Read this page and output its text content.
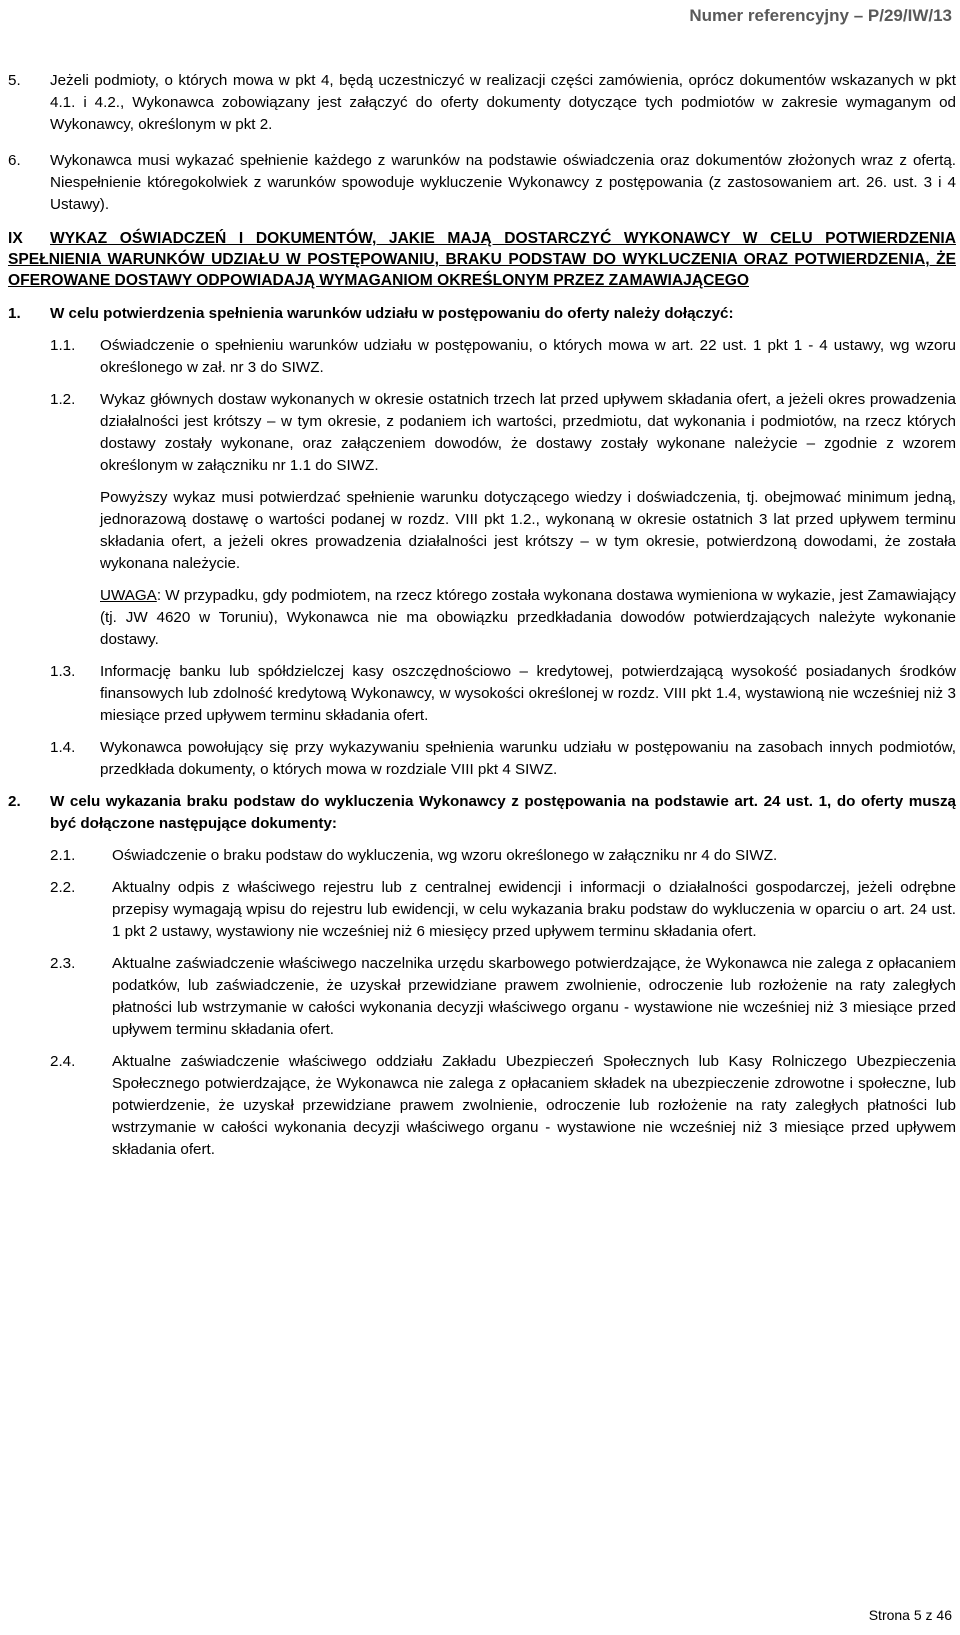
Numer referencyjny – P/29/IW/13
5. Jeżeli podmioty, o których mowa w pkt 4, będą uczestniczyć w realizacji części zamówienia, oprócz dokumentów wskazanych w pkt 4.1. i 4.2., Wykonawca zobowiązany jest załączyć do oferty dokumenty dotyczące tych podmiotów w zakresie wymaganym od Wykonawcy, określonym w pkt 2.
6. Wykonawca musi wykazać spełnienie każdego z warunków na podstawie oświadczenia oraz dokumentów złożonych wraz z ofertą. Niespełnienie któregokolwiek z warunków spowoduje wykluczenie Wykonawcy z postępowania (z zastosowaniem art. 26. ust. 3 i 4 Ustawy).
IX	WYKAZ OŚWIADCZEŃ I DOKUMENTÓW, JAKIE MAJĄ DOSTARCZYĆ WYKONAWCY W CELU POTWIERDZENIA SPEŁNIENIA WARUNKÓW UDZIAŁU W POSTĘPOWANIU, BRAKU PODSTAW DO WYKLUCZENIA ORAZ POTWIERDZENIA, ŻE OFEROWANE DOSTAWY ODPOWIADAJĄ WYMAGANIOM OKREŚLONYM PRZEZ ZAMAWIAJĄCEGO
1. W celu potwierdzenia spełnienia warunków udziału w postępowaniu do oferty należy dołączyć:
1.1. Oświadczenie o spełnieniu warunków udziału w postępowaniu, o których mowa w art. 22 ust. 1 pkt 1 - 4 ustawy, wg wzoru określonego w zał. nr 3 do SIWZ.
1.2. Wykaz głównych dostaw wykonanych w okresie ostatnich trzech lat przed upływem składania ofert, a jeżeli okres prowadzenia działalności jest krótszy – w tym okresie, z podaniem ich wartości, przedmiotu, dat wykonania i podmiotów, na rzecz których dostawy zostały wykonane, oraz załączeniem dowodów, że dostawy zostały wykonane należycie – zgodnie z wzorem określonym w załączniku nr 1.1 do SIWZ.
Powyższy wykaz musi potwierdzać spełnienie warunku dotyczącego wiedzy i doświadczenia, tj. obejmować minimum jedną, jednorazową dostawę o wartości podanej w rozdz. VIII pkt 1.2., wykonaną w okresie ostatnich 3 lat przed upływem terminu składania ofert, a jeżeli okres prowadzenia działalności jest krótszy – w tym okresie, potwierdzoną dowodami, że została wykonana należycie.
UWAGA: W przypadku, gdy podmiotem, na rzecz którego została wykonana dostawa wymieniona w wykazie, jest Zamawiający (tj. JW 4620 w Toruniu), Wykonawca nie ma obowiązku przedkładania dowodów potwierdzających należyte wykonanie dostawy.
1.3. Informację banku lub spółdzielczej kasy oszczędnościowo – kredytowej, potwierdzającą wysokość posiadanych środków finansowych lub zdolność kredytową Wykonawcy, w wysokości określonej w rozdz. VIII pkt 1.4, wystawioną nie wcześniej niż 3 miesiące przed upływem terminu składania ofert.
1.4. Wykonawca powołujący się przy wykazywaniu spełnienia warunku udziału w postępowaniu na zasobach innych podmiotów, przedkłada dokumenty, o których mowa w rozdziale VIII pkt 4 SIWZ.
2. W celu wykazania braku podstaw do wykluczenia Wykonawcy z postępowania na podstawie art. 24 ust. 1, do oferty muszą być dołączone następujące dokumenty:
2.1. Oświadczenie o braku podstaw do wykluczenia, wg wzoru określonego w załączniku nr 4 do SIWZ.
2.2. Aktualny odpis z właściwego rejestru lub z centralnej ewidencji i informacji o działalności gospodarczej, jeżeli odrębne przepisy wymagają wpisu do rejestru lub ewidencji, w celu wykazania braku podstaw do wykluczenia w oparciu o art. 24 ust. 1 pkt 2 ustawy, wystawiony nie wcześniej niż 6 miesięcy przed upływem terminu składania ofert.
2.3. Aktualne zaświadczenie właściwego naczelnika urzędu skarbowego potwierdzające, że Wykonawca nie zalega z opłacaniem podatków, lub zaświadczenie, że uzyskał przewidziane prawem zwolnienie, odroczenie lub rozłożenie na raty zaległych płatności lub wstrzymanie w całości wykonania decyzji właściwego organu - wystawione nie wcześniej niż 3 miesiące przed upływem terminu składania ofert.
2.4. Aktualne zaświadczenie właściwego oddziału Zakładu Ubezpieczeń Społecznych lub Kasy Rolniczego Ubezpieczenia Społecznego potwierdzające, że Wykonawca nie zalega z opłacaniem składek na ubezpieczenie zdrowotne i społeczne, lub potwierdzenie, że uzyskał przewidziane prawem zwolnienie, odroczenie lub rozłożenie na raty zaległych płatności lub wstrzymanie w całości wykonania decyzji właściwego organu - wystawione nie wcześniej niż 3 miesiące przed upływem składania ofert.
Strona 5 z 46
